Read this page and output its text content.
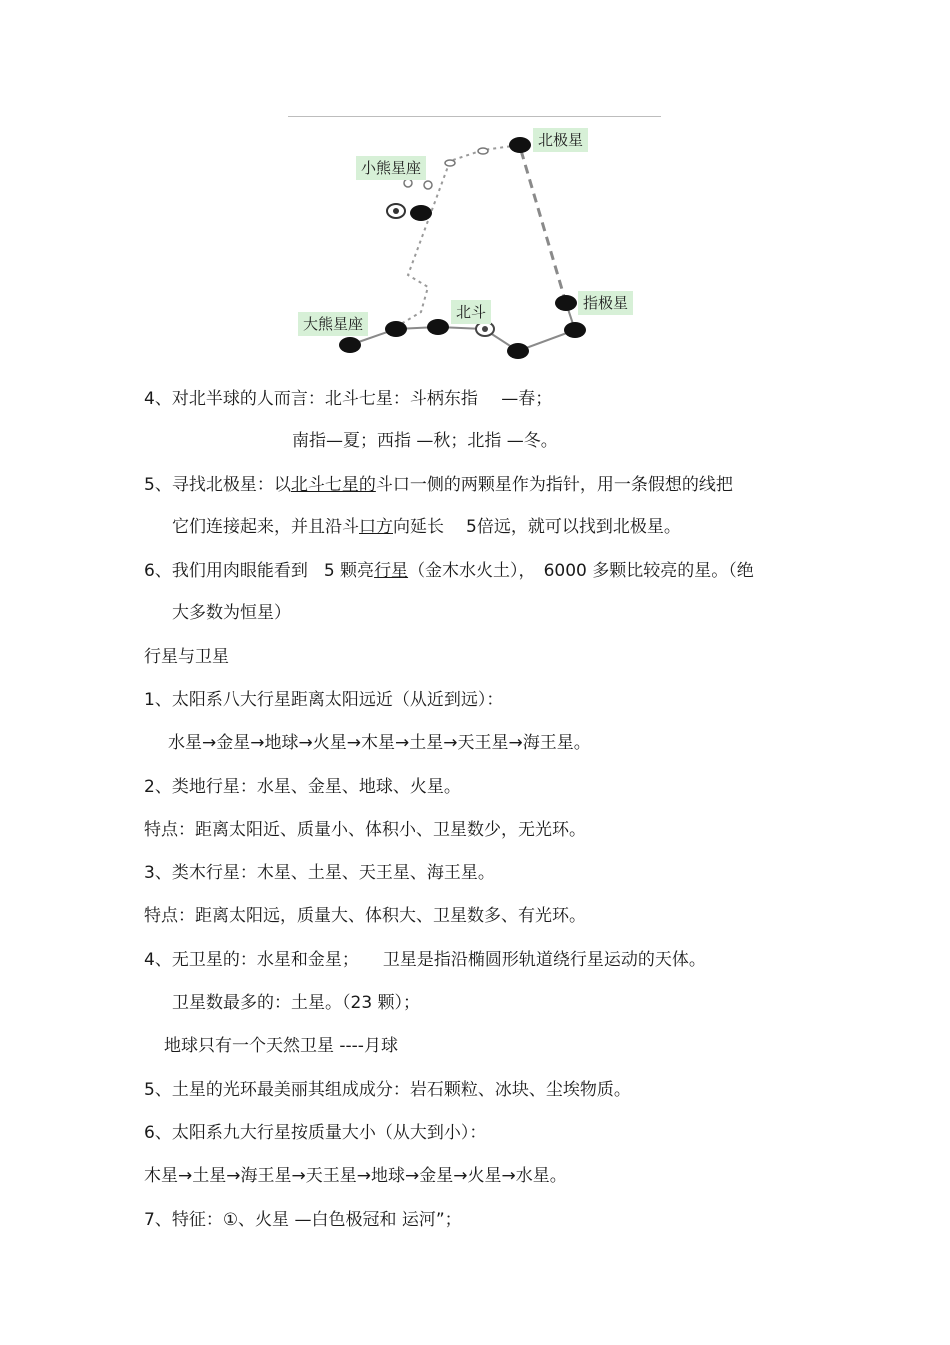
北极星
小熊星座
指极星
大熊星座
北斗
4、对北半球的人而言：北斗七星：斗柄东指 —春；
南指—夏；西指 —秋；北指 —冬。
5、寻找北极星：以北斗七星的斗口一侧的两颗星作为指针，用一条假想的线把
它们连接起来，并且沿斗口方向延长 5倍远，就可以找到北极星。
6、我们用肉眼能看到 5 颗亮行星（金木水火土）， 6000 多颗比较亮的星。（绝
大多数为恒星）
行星与卫星
1、太阳系八大行星距离太阳远近（从近到远）：
水星→金星→地球→火星→木星→土星→天王星→海王星。
2、类地行星：水星、金星、地球、火星。
特点：距离太阳近、质量小、体积小、卫星数少，无光环。
3、类木行星：木星、土星、天王星、海王星。
特点：距离太阳远，质量大、体积大、卫星数多、有光环。
4、无卫星的：水星和金星； 卫星是指沿椭圆形轨道绕行星运动的天体。
卫星数最多的：土星。（23 颗）；
地球只有一个天然卫星 ----月球
5、土星的光环最美丽其组成成分：岩石颗粒、冰块、尘埃物质。
6、太阳系九大行星按质量大小（从大到小）：
木星→土星→海王星→天王星→地球→金星→火星→水星。
7、特征：①、火星 —白色极冠和 运河”；
